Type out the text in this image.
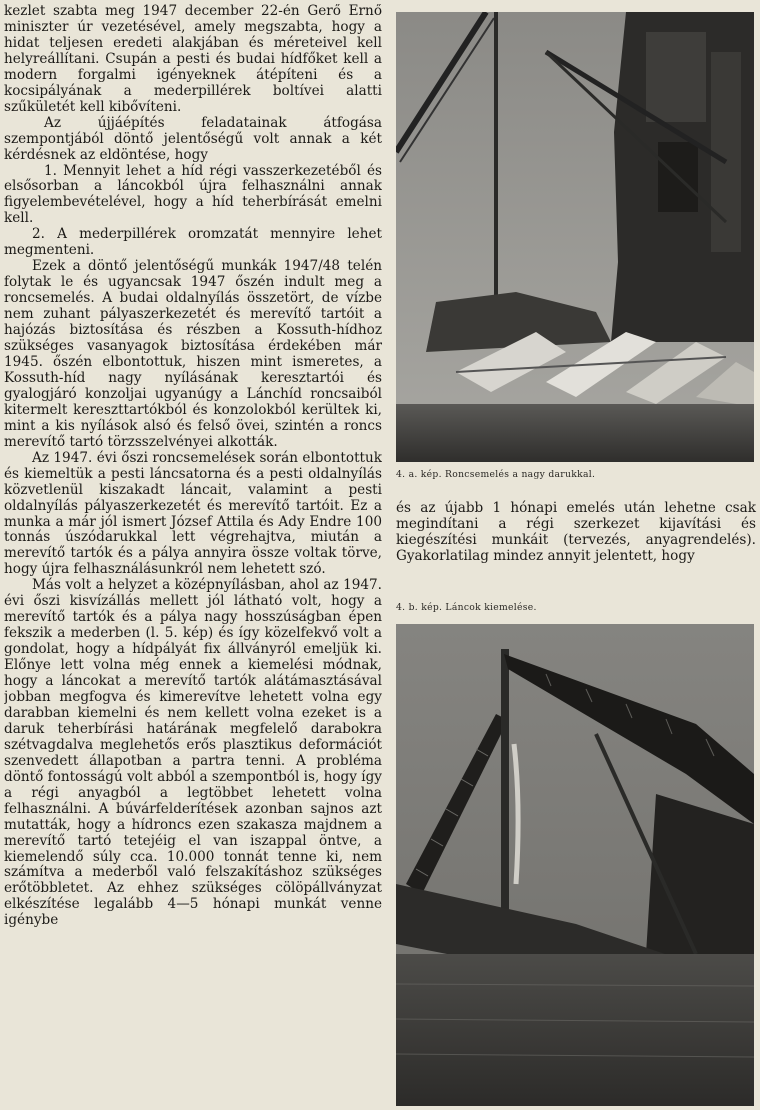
kezlet szabta meg 1947 december 22-én Gerő Ernő miniszter úr vezetésével, amely megszabta, hogy a hidat teljesen eredeti alakjában és méreteivel kell helyreállítani. Csupán a pesti és budai hídfőket kell a modern forgalmi igényeknek átépíteni és a kocsipályának a mederpillérek boltívei alatti szűkületét kell kibővíteni.

Az újjáépítés feladatainak átfogása szempontjából döntő jelentőségű volt annak a két kérdésnek az eldöntése, hogy

1. Mennyit lehet a híd régi vasszerkezetéből és elsősorban a láncokból újra felhasználni annak figyelembevételével, hogy a híd teherbírását emelni kell.

2. A mederpillérek oromzatát mennyire lehet megmenteni.

Ezek a döntő jelentőségű munkák 1947/48 telén folytak le és ugyancsak 1947 őszén indult meg a roncsemelés. A budai oldalnyílás összetört, de vízbe nem zuhant pályaszerkezetét és merevítő tartóit a hajózás biztosítása és részben a Kossuth-hídhoz szükséges vasanyagok biztosítása érdekében már 1945. őszén elbontottuk, hiszen mint ismeretes, a Kossuth-híd nagy nyílásának keresztartói és gyalogjáró konzoljai ugyanúgy a Lánchíd roncsaiból kitermelt kereszttartókból és konzolokból kerültek ki, mint a kis nyílások alsó és felső övei, szintén a roncs merevítő tartó törzsszelvényei alkották.

Az 1947. évi őszi roncsemelések során elbontottuk és kiemeltük a pesti láncsatorna és a pesti oldalnyílás közvetlenül kiszakadt láncait, valamint a pesti oldalnyílás pályaszerkezetét és merevítő tartóit. Ez a munka a már jól ismert József Attila és Ady Endre 100 tonnás úszódarukkal lett végrehajtva, miután a merevítő tartók és a pálya annyira össze voltak törve, hogy újra felhasználásunkról nem lehetett szó.

Más volt a helyzet a középnyílásban, ahol az 1947. évi őszi kisvízállás mellett jól látható volt, hogy a merevítő tartók és a pálya nagy hosszúságban épen fekszik a mederben (l. 5. kép) és így közelfekvő volt a gondolat, hogy a hídpályát fix állványról emeljük ki. Előnye lett volna még ennek a kiemelési módnak, hogy a láncokat a merevítő tartók alátámasztásával jobban megfogva és kimerevítve lehetett volna egy darabban kiemelni és nem kellett volna ezeket is a daruk teherbírási határának megfelelő darabokra szétvagdalva meglehetős erős plasztikus deformációt szenvedett állapotban a partra tenni. A probléma döntő fontosságú volt abból a szempontból is, hogy így a régi anyagból a legtöbbet lehetett volna felhasználni. A búvárfelderítések azonban sajnos azt mutatták, hogy a hídroncs ezen szakasza majdnem a merevítő tartó tetejéig el van iszappal öntve, a kiemelendő súly cca. 10.000 tonnát tenne ki, nem számítva a mederből való felszakításhoz szükséges erőtöbbletet. Az ehhez szükséges cölöpállványzat elkészítése legalább 4—5 hónapi munkát venne igénybe

4. a. kép. Roncsemelés a nagy darukkal.

és az újabb 1 hónapi emelés után lehetne csak megindítani a régi szerkezet kijavítási és kiegészítési munkáit (tervezés, anyagrendelés). Gyakorlatilag mindez annyit jelentett, hogy

4. b. kép. Láncok kiemelése.
